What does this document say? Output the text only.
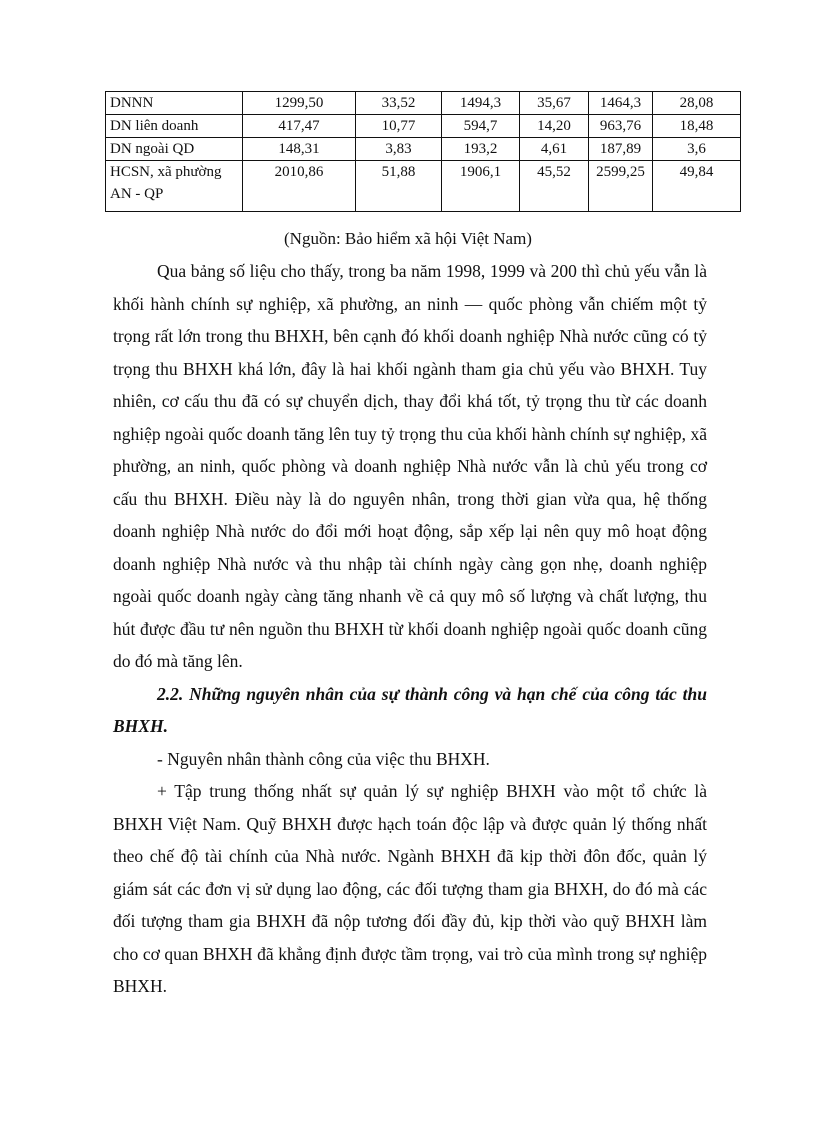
DNNN	1299,50	33,52	1494,3	35,67	1464,3	28,08
DN liên doanh	417,47	10,77	594,7	14,20	963,76	18,48
DN ngoài QD	148,31	3,83	193,2	4,61	187,89	3,6

HCSN, xã phường
AN - QP	2010,86	51,88	1906,1	45,52	2599,25	49,84
(Nguồn: Bảo hiểm xã hội Việt Nam)

Qua bảng số liệu cho thấy, trong ba năm 1998, 1999 và 200 thì chủ yếu vẫn là khối hành chính sự nghiệp, xã phường, an ninh — quốc phòng vẫn chiếm một tỷ trọng rất lớn trong thu BHXH, bên cạnh đó khối doanh nghiệp Nhà nước cũng có tỷ trọng thu BHXH khá lớn, đây là hai khối ngành tham gia chủ yếu vào BHXH. Tuy nhiên, cơ cấu thu đã có sự chuyển dịch, thay đổi khá tốt, tỷ trọng thu từ các doanh nghiệp ngoài quốc doanh tăng lên tuy tỷ trọng thu của khối hành chính sự nghiệp, xã phường, an ninh, quốc phòng và doanh nghiệp Nhà nước vẫn là chủ yếu trong cơ cấu thu BHXH. Điều này là do nguyên nhân, trong thời gian vừa qua, hệ thống doanh nghiệp Nhà nước do đổi mới hoạt động, sắp xếp lại nên quy mô hoạt động doanh nghiệp Nhà nước và thu nhập tài chính ngày càng gọn nhẹ, doanh nghiệp ngoài quốc doanh ngày càng tăng nhanh về cả quy mô số lượng và chất lượng, thu hút được đầu tư nên nguồn thu BHXH từ khối doanh nghiệp ngoài quốc doanh cũng do đó mà tăng lên.

2.2. Những nguyên nhân của sự thành công và hạn chế của công tác thu BHXH.

- Nguyên nhân thành công của việc thu BHXH.

+ Tập trung thống nhất sự quản lý sự nghiệp BHXH vào một tổ chức là BHXH Việt Nam. Quỹ BHXH được hạch toán độc lập và được quản lý thống nhất theo chế độ tài chính của Nhà nước. Ngành BHXH đã kịp thời đôn đốc, quản lý giám sát các đơn vị sử dụng lao động, các đối tượng tham gia BHXH, do đó mà các đối tượng tham gia BHXH đã nộp tương đối đầy đủ, kịp thời vào quỹ BHXH làm cho cơ quan BHXH đã khẳng định được tầm trọng, vai trò của mình trong sự nghiệp BHXH.
